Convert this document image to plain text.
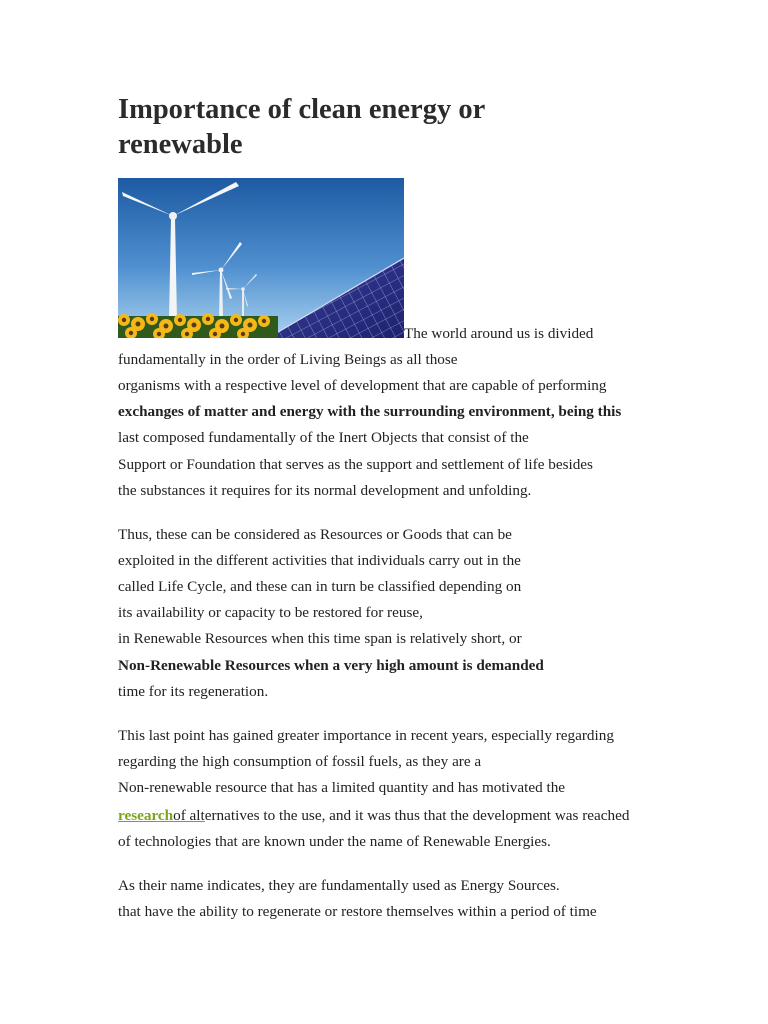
Importance of clean energy or renewable
The world around us is divided
fundamentally in the order of Living Beings as all those
organisms with a respective level of development that are capable of performing
exchanges of matter and energy with the surrounding environment, being this
last composed fundamentally of the Inert Objects that consist of the
Support or Foundation that serves as the support and settlement of life besides
the substances it requires for its normal development and unfolding.
Thus, these can be considered as Resources or Goods that can be
exploited in the different activities that individuals carry out in the
called Life Cycle, and these can in turn be classified depending on
its availability or capacity to be restored for reuse,
in Renewable Resources when this time span is relatively short, or
Non-Renewable Resources when a very high amount is demanded
time for its regeneration.
This last point has gained greater importance in recent years, especially regarding
regarding the high consumption of fossil fuels, as they are a
Non-renewable resource that has a limited quantity and has motivated the
researchof alternatives to the use, and it was thus that the development was reached
of technologies that are known under the name of Renewable Energies.
As their name indicates, they are fundamentally used as Energy Sources.
that have the ability to regenerate or restore themselves within a period of time
